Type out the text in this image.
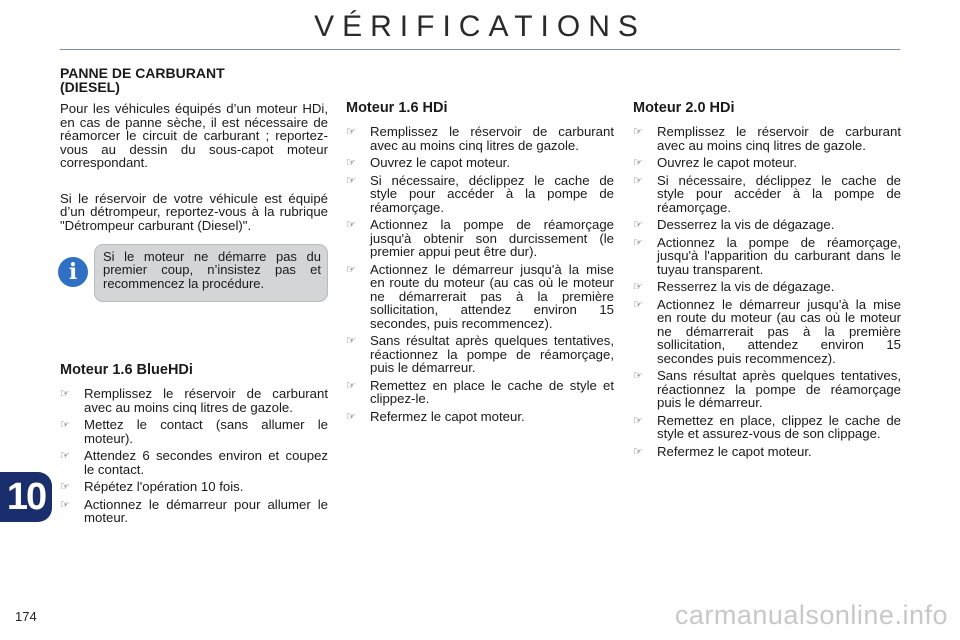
VÉRIFICATIONS
PANNE DE CARBURANT
(DIESEL)

Pour les véhicules équipés d’un moteur HDi, en cas de panne sèche, il est nécessaire de réamorcer le circuit de carburant ; reportez-vous au dessin du sous-capot moteur correspondant.

Si le réservoir de votre véhicule est équipé d’un détrompeur, reportez-vous à la rubrique "Détrompeur carburant (Diesel)".

Si le moteur ne démarre pas du premier coup, n’insistez pas et recommencez la procédure.
i
Moteur 1.6 BlueHDi
☞ Remplissez le réservoir de carburant avec au moins cinq litres de gazole.
☞ Mettez le contact (sans allumer le moteur).
☞ Attendez 6 secondes environ et coupez le contact.
☞ Répétez l'opération 10 fois.
☞ Actionnez le démarreur pour allumer le moteur.
Moteur 1.6 HDi
☞ Remplissez le réservoir de carburant avec au moins cinq litres de gazole.
☞ Ouvrez le capot moteur.
☞ Si nécessaire, déclippez le cache de style pour accéder à la pompe de réamorçage.
☞ Actionnez la pompe de réamorçage jusqu'à obtenir son durcissement (le premier appui peut être dur).
☞ Actionnez le démarreur jusqu'à la mise en route du moteur (au cas où le moteur ne démarrerait pas à la première sollicitation, attendez environ 15 secondes, puis recommencez).
☞ Sans résultat après quelques tentatives, réactionnez la pompe de réamorçage, puis le démarreur.
☞ Remettez en place le cache de style et clippez-le.
☞ Refermez le capot moteur.
Moteur 2.0 HDi
☞ Remplissez le réservoir de carburant avec au moins cinq litres de gazole.
☞ Ouvrez le capot moteur.
☞ Si nécessaire, déclippez le cache de style pour accéder à la pompe de réamorçage.
☞ Desserrez la vis de dégazage.
☞ Actionnez la pompe de réamorçage, jusqu'à l'apparition du carburant dans le tuyau transparent.
☞ Resserrez la vis de dégazage.
☞ Actionnez le démarreur jusqu'à la mise en route du moteur (au cas où le moteur ne démarrerait pas à la première sollicitation, attendez environ 15 secondes puis recommencez).
☞ Sans résultat après quelques tentatives, réactionnez la pompe de réamorçage puis le démarreur.
☞ Remettez en place, clippez le cache de style et assurez-vous de son clippage.
☞ Refermez le capot moteur.
10
174	carmanualsonline.info
